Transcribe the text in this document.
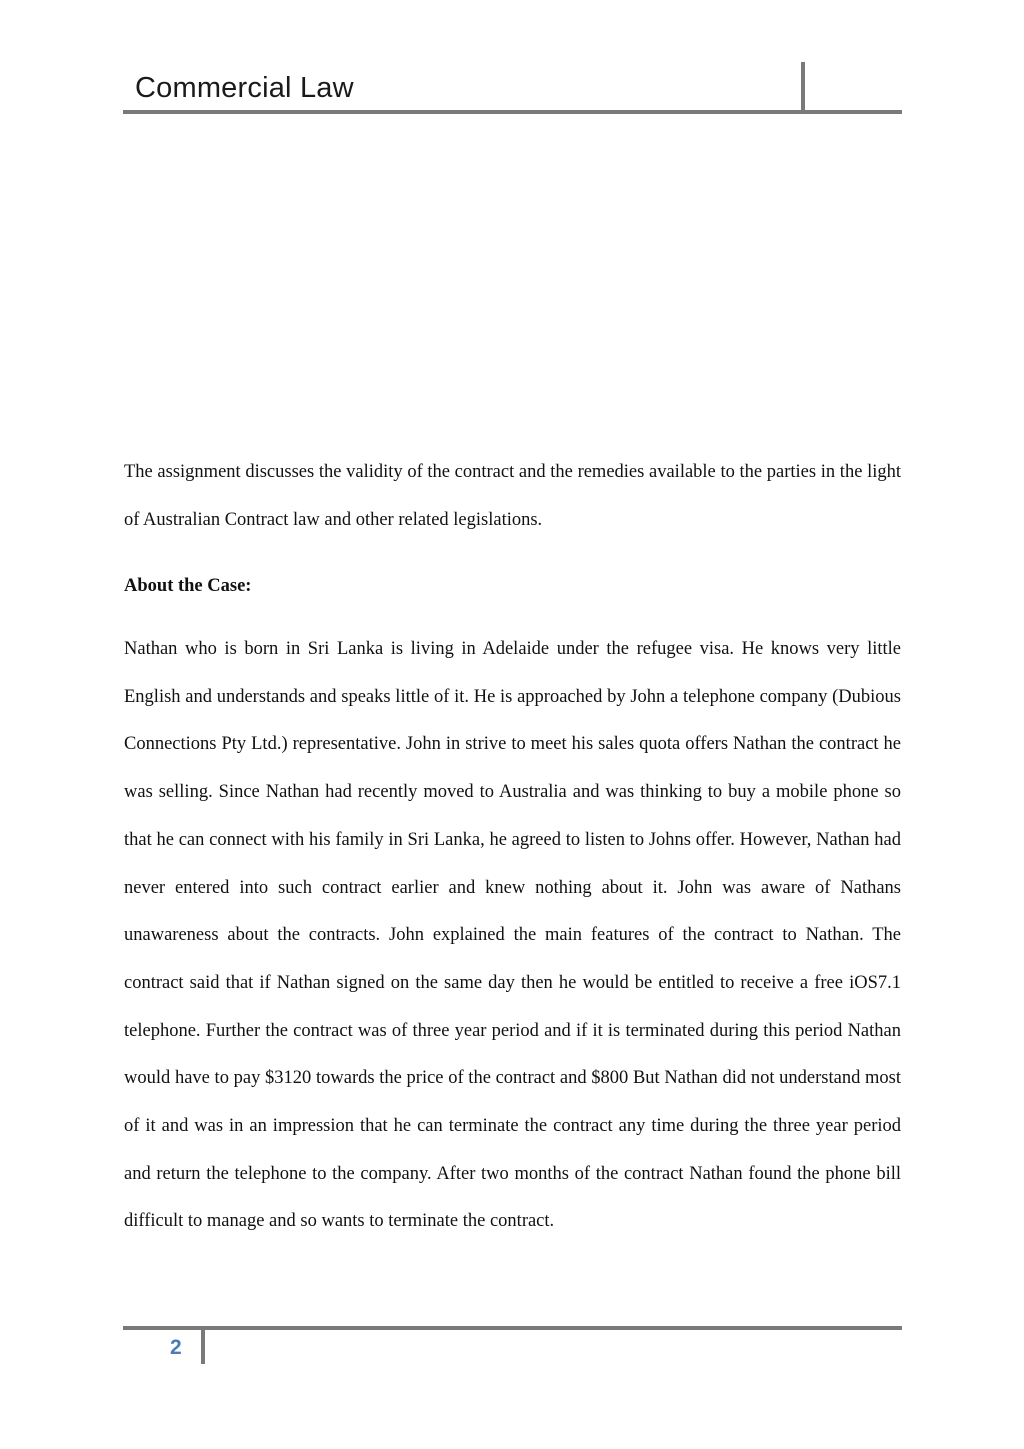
Commercial Law

The assignment discusses the validity of the contract and the remedies available to the parties in the light of Australian Contract law and other related legislations.

About the Case:

Nathan who is born in Sri Lanka is living in Adelaide under the refugee visa. He knows very little English and understands and speaks little of it. He is approached by John a telephone company (Dubious Connections Pty Ltd.) representative. John in strive to meet his sales quota offers Nathan the contract he was selling. Since Nathan had recently moved to Australia and was thinking to buy a mobile phone so that he can connect with his family in Sri Lanka, he agreed to listen to Johns offer. However, Nathan had never entered into such contract earlier and knew nothing about it. John was aware of Nathans unawareness about the contracts. John explained the main features of the contract to Nathan. The contract said that if Nathan signed on the same day then he would be entitled to receive a free iOS7.1 telephone. Further the contract was of three year period and if it is terminated during this period Nathan would have to pay $3120 towards the price of the contract and $800 But Nathan did not understand most of it and was in an impression that he can terminate the contract any time during the three year period and return the telephone to the company. After two months of the contract Nathan found the phone bill difficult to manage and so wants to terminate the contract.

2
